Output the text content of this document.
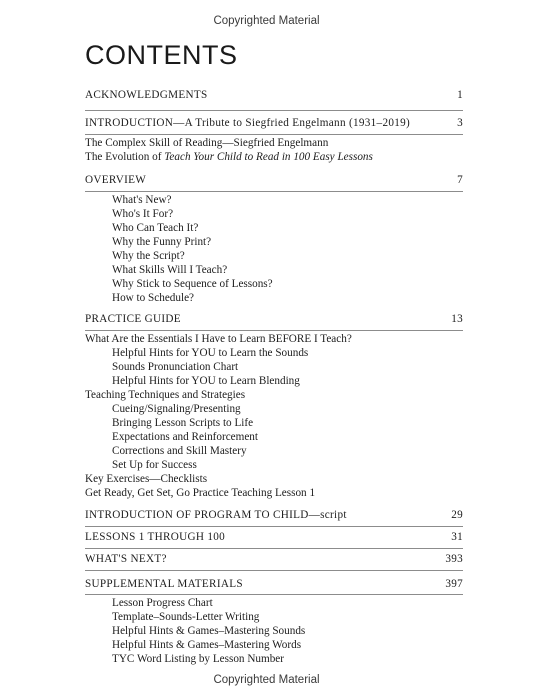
Copyrighted Material
CONTENTS
ACKNOWLEDGMENTS	1
INTRODUCTION—A Tribute to Siegfried Engelmann (1931–2019)	3
The Complex Skill of Reading—Siegfried Engelmann
The Evolution of Teach Your Child to Read in 100 Easy Lessons
OVERVIEW	7
What's New?
Who's It For?
Who Can Teach It?
Why the Funny Print?
Why the Script?
What Skills Will I Teach?
Why Stick to Sequence of Lessons?
How to Schedule?
PRACTICE GUIDE	13
What Are the Essentials I Have to Learn BEFORE I Teach?
Helpful Hints for YOU to Learn the Sounds
Sounds Pronunciation Chart
Helpful Hints for YOU to Learn Blending
Teaching Techniques and Strategies
Cueing/Signaling/Presenting
Bringing Lesson Scripts to Life
Expectations and Reinforcement
Corrections and Skill Mastery
Set Up for Success
Key Exercises—Checklists
Get Ready, Get Set, Go Practice Teaching Lesson 1
INTRODUCTION OF PROGRAM TO CHILD—script	29
LESSONS 1 THROUGH 100	31
WHAT'S NEXT?	393
SUPPLEMENTAL MATERIALS	397
Lesson Progress Chart
Template–Sounds-Letter Writing
Helpful Hints & Games–Mastering Sounds
Helpful Hints & Games–Mastering Words
TYC Word Listing by Lesson Number
Copyrighted Material
